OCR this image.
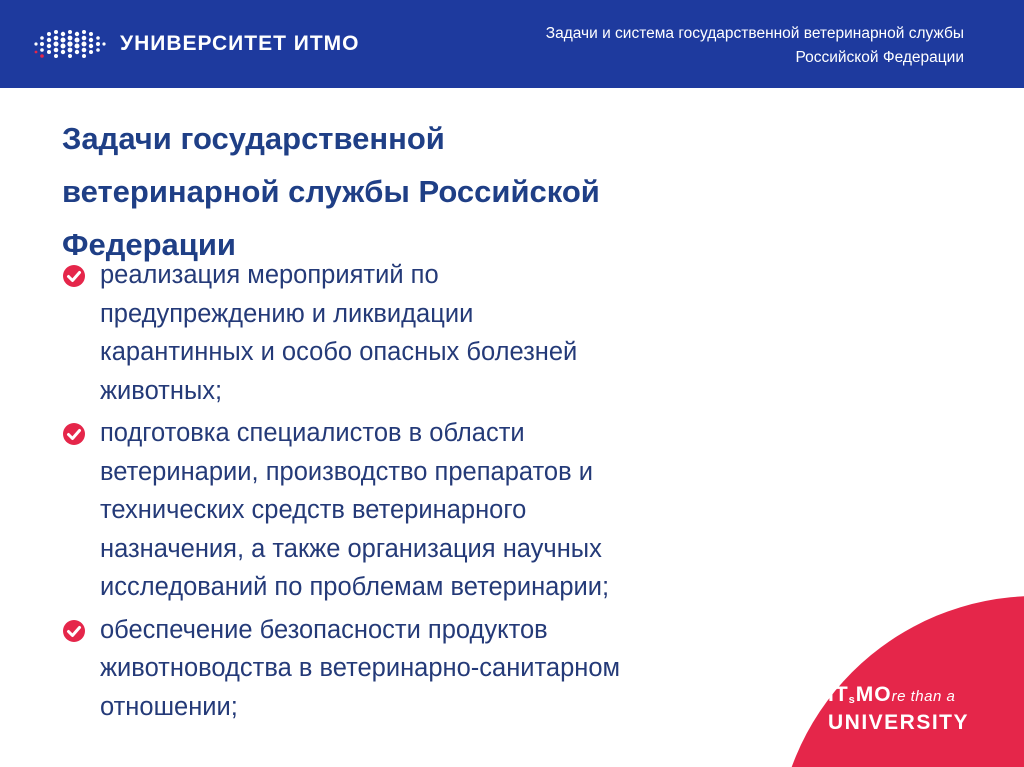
УНИВЕРСИТЕТ ИТМО	Задачи и система государственной ветеринарной службы
Российской Федерации
Задачи государственной
ветеринарной службы Российской
Федерации
реализация мероприятий по
предупреждению и ликвидации
карантинных и особо опасных болезней
животных;
подготовка специалистов в области
ветеринарии, производство препаратов и
технических средств ветеринарного
назначения, а также организация научных
исследований по проблемам ветеринарии;
обеспечение безопасности продуктов
животноводства в ветеринарно-санитарном
отношении;	ITsMOre than a
UNIVERSITY
